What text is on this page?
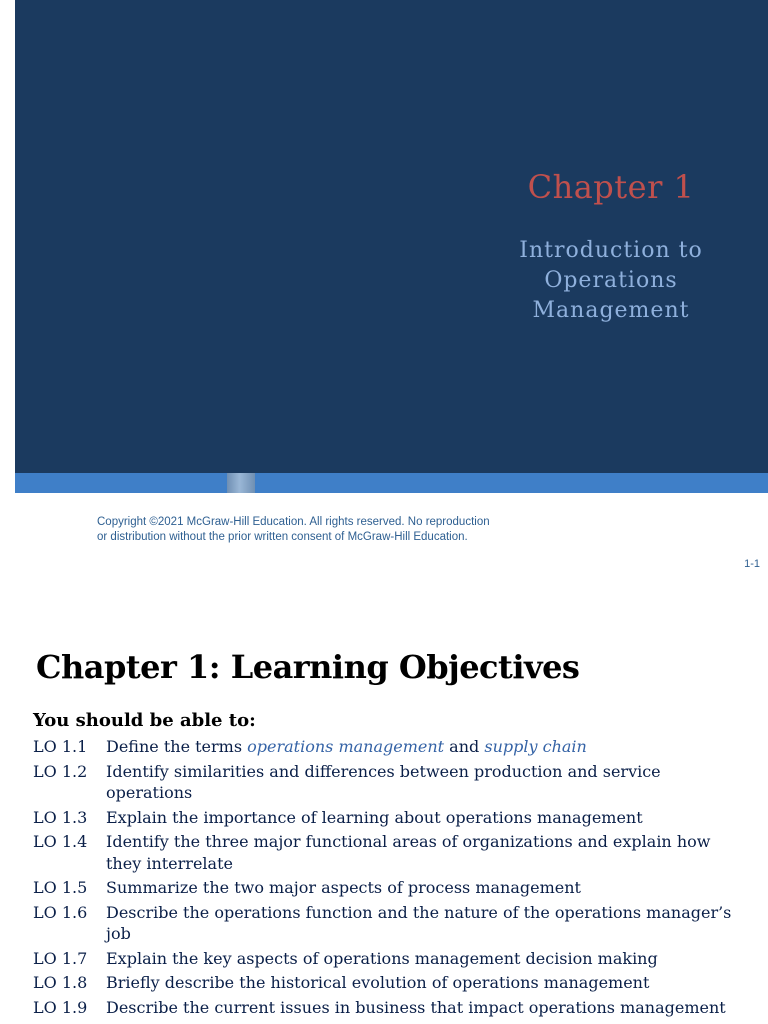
Chapter 1
Introduction to
Operations
Management
Copyright ©2021 McGraw-Hill Education. All rights reserved. No reproduction
or distribution without the prior written consent of McGraw-Hill Education.
1-1
Chapter 1: Learning Objectives
You should be able to:
LO 1.1	Define the terms operations management and supply chain
LO 1.2	Identify similarities and differences between production and service operations
LO 1.3	Explain the importance of learning about operations management
LO 1.4	Identify the three major functional areas of organizations and explain how they interrelate
LO 1.5	Summarize the two major aspects of process management
LO 1.6	Describe the operations function and the nature of the operations manager’s job
LO 1.7	Explain the key aspects of operations management decision making
LO 1.8	Briefly describe the historical evolution of operations management
LO 1.9	Describe the current issues in business that impact operations management
